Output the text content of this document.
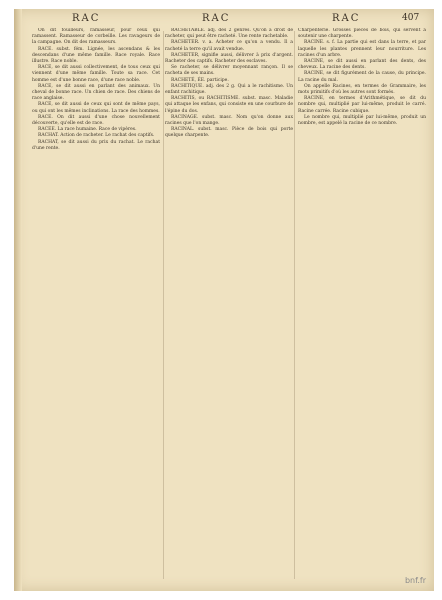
RAC	RAC	RAC	407

On dit fouilleurs, ramasseur, pour ceux qui ramassent. Ramasseur de corbeille. Les ravageurs de la campagne. On dit des ramasseurs.

RACE. subst. fém. Lignée, les ascendans & les descendans d'une même famille. Race royale. Race illustre. Race noble.

RACE, se dit aussi collectivement, de tous ceux qui viennent d'une même famille. Toute sa race. Cet homme est d'une bonne race, d'une race noble.

RACE, se dit aussi en parlant des animaux. Un cheval de bonne race. Un chien de race. Des chiens de race anglaise.

RACE, se dit aussi de ceux qui sont de même pays, ou qui ont les mêmes inclinations. La race des hommes.

RACE. On dit aussi d'une chose nouvellement découverte, qu'elle est de race.

RACEE. La race humaine. Race de vipères.

RACHAT. Action de racheter. Le rachat des captifs.

RACHAT, se dit aussi du prix du rachat. Le rachat d'une rente.

RACHETABLE. adj. des 2 genres. Qu'on a droit de racheter, qui peut être racheté. Une rente rachetable.

RACHETER. v. a. Acheter ce qu'on a vendu. Il a racheté la terre qu'il avait vendue.

RACHETER, signifie aussi, délivrer à prix d'argent. Racheter des captifs. Racheter des esclaves.

Se racheter, se délivrer moyennant rançon. Il se racheta de ses mains.

RACHETÉ, ÉE. participe.

RACHITIQUE. adj. des 2 g. Qui a le rachitisme. Un enfant rachitique.

RACHITIS, ou RACHITISME. subst. masc. Maladie qui attaque les enfans, qui consiste en une courbure de l'épine du dos.

RACINAGE. subst. masc. Nom qu'on donne aux racines que l'on mange.

RACINAL. subst. masc. Pièce de bois qui porte quelque charpente.

Charpenterie. Grosses pièces de bois, qui servent à soutenir une charpente.

RACINE. s. f. La partie qui est dans la terre, et par laquelle les plantes prennent leur nourriture. Les racines d'un arbre.

RACINE, se dit aussi en parlant des dents, des cheveux. La racine des dents.

RACINE, se dit figurément de la cause, du principe. La racine du mal.

On appelle Racines, en termes de Grammaire, les mots primitifs d'où les autres sont formés.

RACINE, en termes d'Arithmétique, se dit du nombre qui, multiplié par lui-même, produit le carré. Racine carrée. Racine cubique.

Le nombre qui, multiplié par lui-même, produit un nombre, est appelé la racine de ce nombre.

bnf.fr
